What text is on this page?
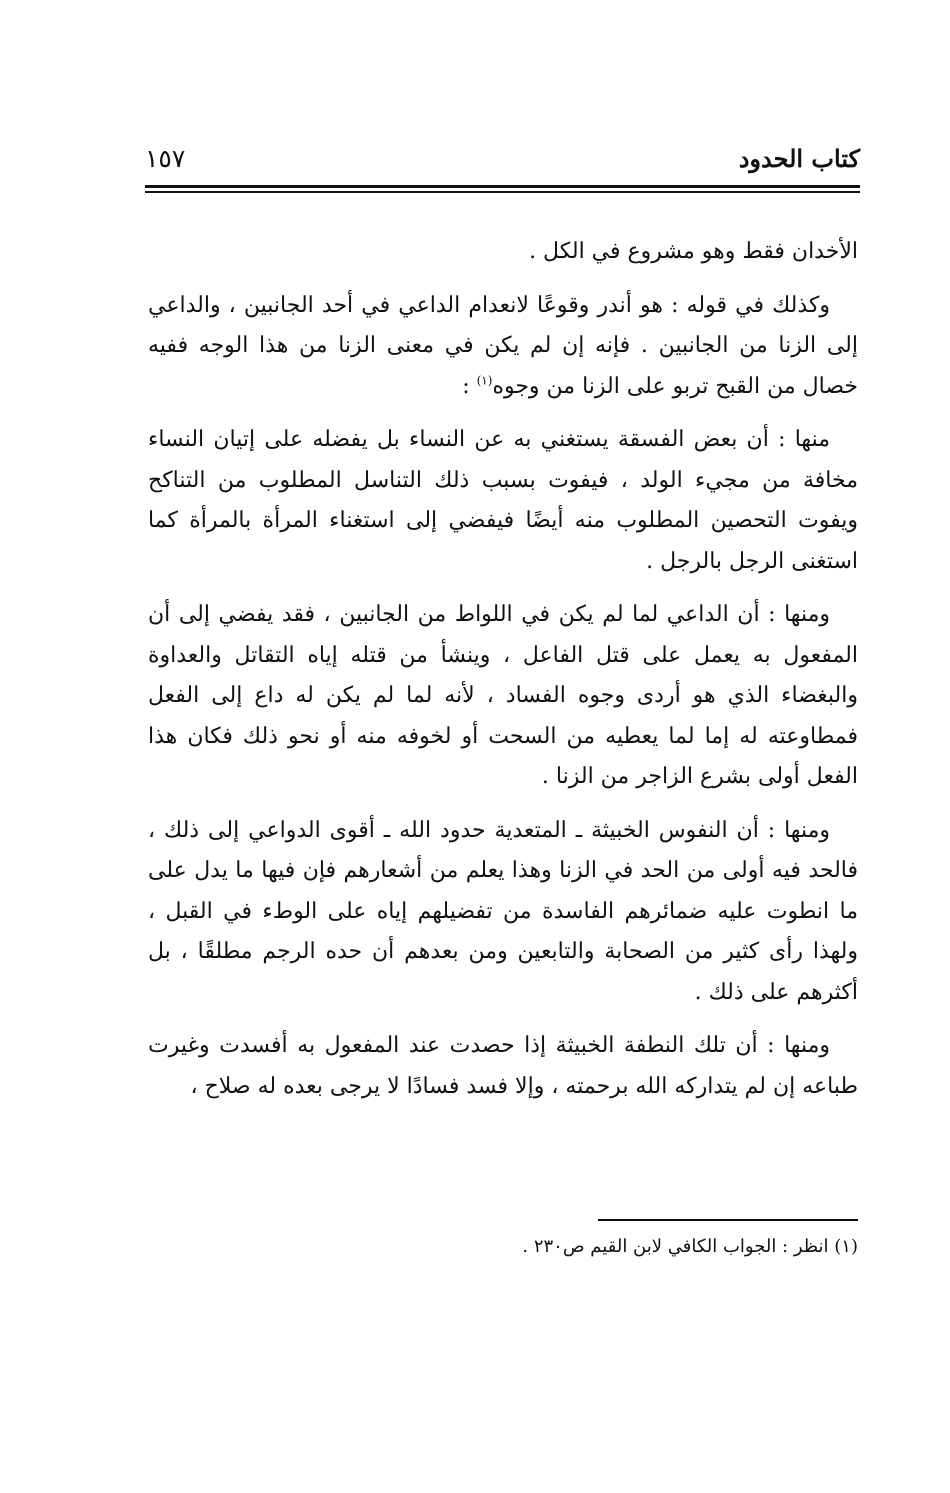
كتاب الحدود
١٥٧

الأخدان فقط وهو مشروع في الكل .

وكذلك في قوله : هو أندر وقوعًا لانعدام الداعي في أحد الجانبين ، والداعي إلى الزنا من الجانبين . فإنه إن لم يكن في معنى الزنا من هذا الوجه ففيه خصال من القبح تربو على الزنا من وجوه$^{(١)}$ :

منها : أن بعض الفسقة يستغني به عن النساء بل يفضله على إتيان النساء مخافة من مجيء الولد ، فيفوت بسبب ذلك التناسل المطلوب من التناكح ويفوت التحصين المطلوب منه أيضًا فيفضي إلى استغناء المرأة بالمرأة كما استغنى الرجل بالرجل .

ومنها : أن الداعي لما لم يكن في اللواط من الجانبين ، فقد يفضي إلى أن المفعول به يعمل على قتل الفاعل ، وينشأ من قتله إياه التقاتل والعداوة والبغضاء الذي هو أردى وجوه الفساد ، لأنه لما لم يكن له داع إلى الفعل فمطاوعته له إما لما يعطيه من السحت أو لخوفه منه أو نحو ذلك فكان هذا الفعل أولى بشرع الزاجر من الزنا .

ومنها : أن النفوس الخبيثة ـ المتعدية حدود الله ـ أقوى الدواعي إلى ذلك ، فالحد فيه أولى من الحد في الزنا وهذا يعلم من أشعارهم فإن فيها ما يدل على ما انطوت عليه ضمائرهم الفاسدة من تفضيلهم إياه على الوطء في القبل ، ولهذا رأى كثير من الصحابة والتابعين ومن بعدهم أن حده الرجم مطلقًا ، بل أكثرهم على ذلك .

ومنها : أن تلك النطفة الخبيثة إذا حصدت عند المفعول به أفسدت وغيرت طباعه إن لم يتداركه الله برحمته ، وإلا فسد فسادًا لا يرجى بعده له صلاح ،

(١) انظر : الجواب الكافي لابن القيم ص٢٣٠ .
